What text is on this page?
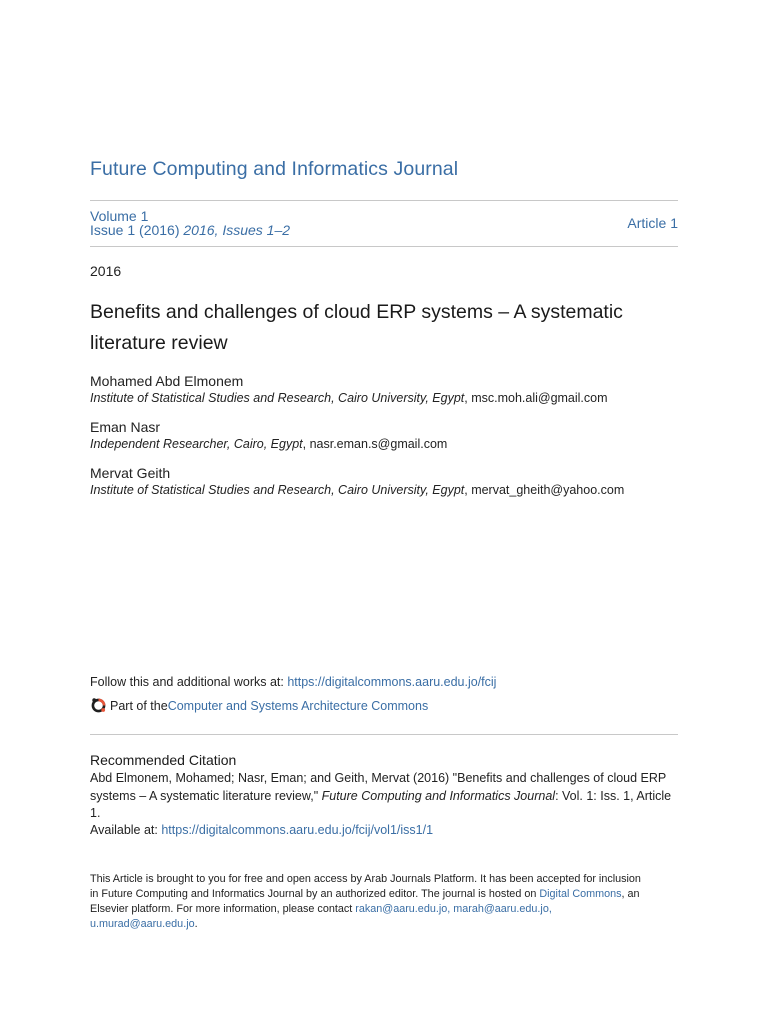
Future Computing and Informatics Journal
Volume 1
Issue 1 (2016) 2016, Issues 1–2	Article 1
2016
Benefits and challenges of cloud ERP systems – A systematic literature review
Mohamed Abd Elmonem
Institute of Statistical Studies and Research, Cairo University, Egypt, msc.moh.ali@gmail.com
Eman Nasr
Independent Researcher, Cairo, Egypt, nasr.eman.s@gmail.com
Mervat Geith
Institute of Statistical Studies and Research, Cairo University, Egypt, mervat_gheith@yahoo.com
Follow this and additional works at: https://digitalcommons.aaru.edu.jo/fcij
Part of the Computer and Systems Architecture Commons
Recommended Citation
Abd Elmonem, Mohamed; Nasr, Eman; and Geith, Mervat (2016) "Benefits and challenges of cloud ERP systems – A systematic literature review," Future Computing and Informatics Journal: Vol. 1: Iss. 1, Article 1.
Available at: https://digitalcommons.aaru.edu.jo/fcij/vol1/iss1/1
This Article is brought to you for free and open access by Arab Journals Platform. It has been accepted for inclusion in Future Computing and Informatics Journal by an authorized editor. The journal is hosted on Digital Commons, an Elsevier platform. For more information, please contact rakan@aaru.edu.jo, marah@aaru.edu.jo, u.murad@aaru.edu.jo.
